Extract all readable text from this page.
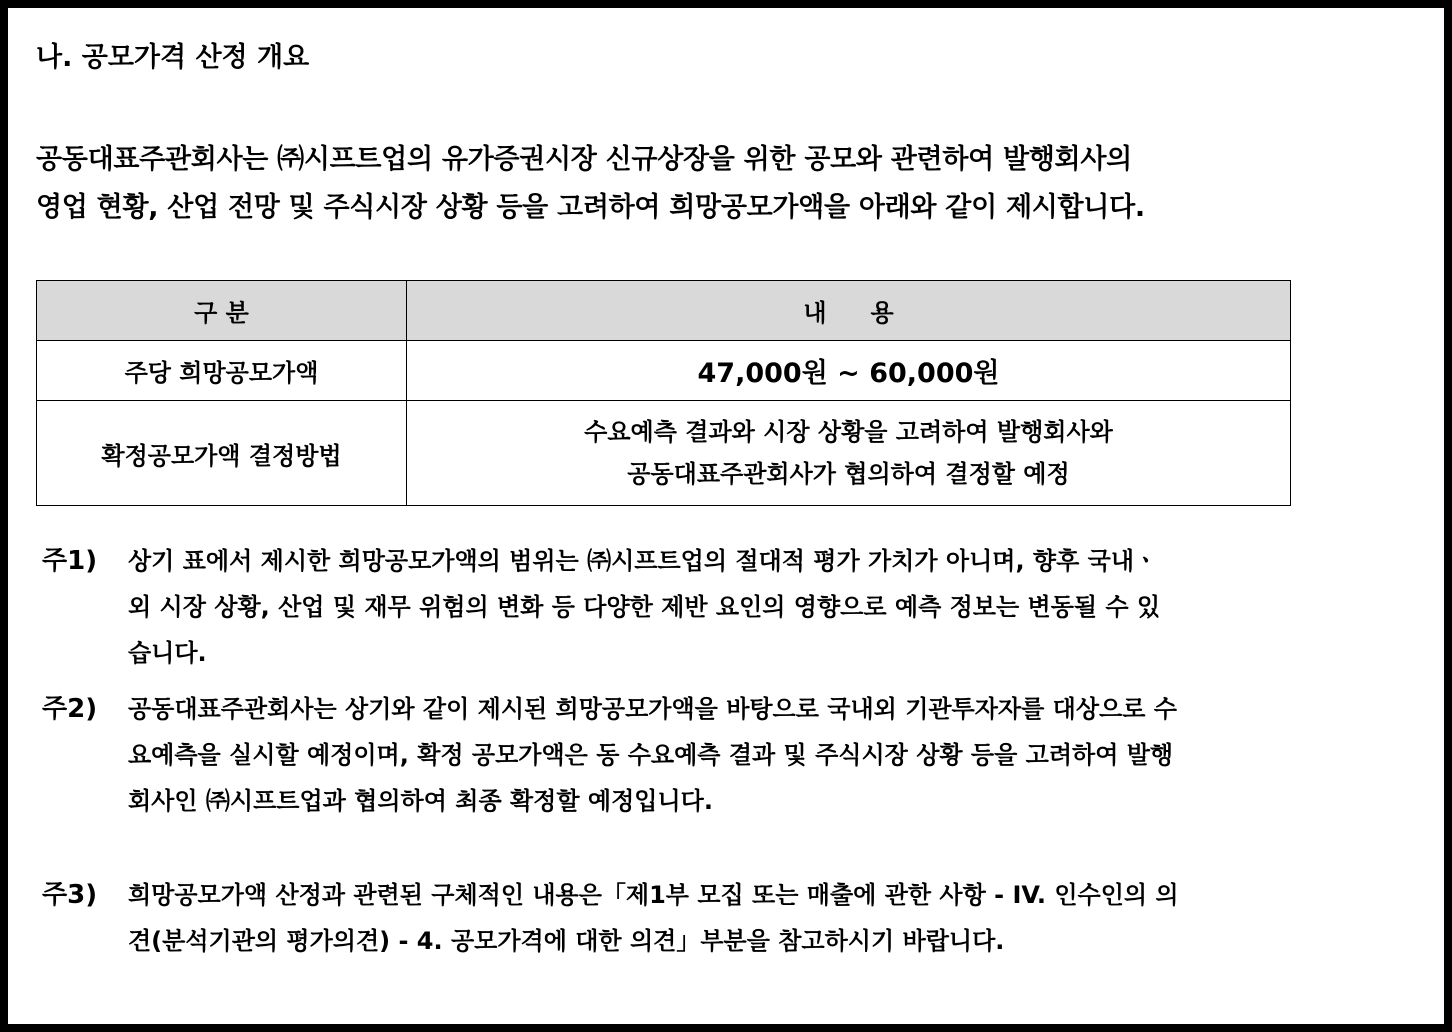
나. 공모가격 산정 개요
공동대표주관회사는 ㈜시프트업의 유가증권시장 신규상장을 위한 공모와 관련하여 발행회사의
영업 현황, 산업 전망 및 주식시장 상황 등을 고려하여 희망공모가액을 아래와 같이 제시합니다.
구 분	내 용
주당 희망공모가액	47,000원 ~ 60,000원
확정공모가액 결정방법	수요예측 결과와 시장 상황을 고려하여 발행회사와
공동대표주관회사가 협의하여 결정할 예정
주1) 상기 표에서 제시한 희망공모가액의 범위는 ㈜시프트업의 절대적 평가 가치가 아니며, 향후 국내ㆍ
외 시장 상황, 산업 및 재무 위험의 변화 등 다양한 제반 요인의 영향으로 예측 정보는 변동될 수 있
습니다.
주2) 공동대표주관회사는 상기와 같이 제시된 희망공모가액을 바탕으로 국내외 기관투자자를 대상으로 수
요예측을 실시할 예정이며, 확정 공모가액은 동 수요예측 결과 및 주식시장 상황 등을 고려하여 발행
회사인 ㈜시프트업과 협의하여 최종 확정할 예정입니다.
주3) 희망공모가액 산정과 관련된 구체적인 내용은「제1부 모집 또는 매출에 관한 사항 - IV. 인수인의 의
견(분석기관의 평가의견) - 4. 공모가격에 대한 의견」부분을 참고하시기 바랍니다.
